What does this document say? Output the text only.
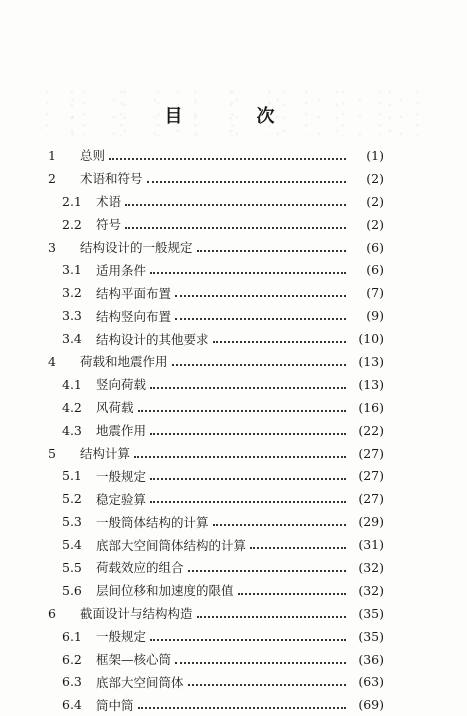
目　次
1	总则	(1)
2	术语和符号	(2)
2.1	术语	(2)
2.2	符号	(2)
3	结构设计的一般规定	(6)
3.1	适用条件	(6)
3.2	结构平面布置	(7)
3.3	结构竖向布置	(9)
3.4	结构设计的其他要求	(10)
4	荷载和地震作用	(13)
4.1	竖向荷载	(13)
4.2	风荷载	(16)
4.3	地震作用	(22)
5	结构计算	(27)
5.1	一般规定	(27)
5.2	稳定验算	(27)
5.3	一般筒体结构的计算	(29)
5.4	底部大空间筒体结构的计算	(31)
5.5	荷载效应的组合	(32)
5.6	层间位移和加速度的限值	(32)
6	截面设计与结构构造	(35)
6.1	一般规定	(35)
6.2	框架—核心筒	(36)
6.3	底部大空间筒体	(63)
6.4	筒中筒	(69)
